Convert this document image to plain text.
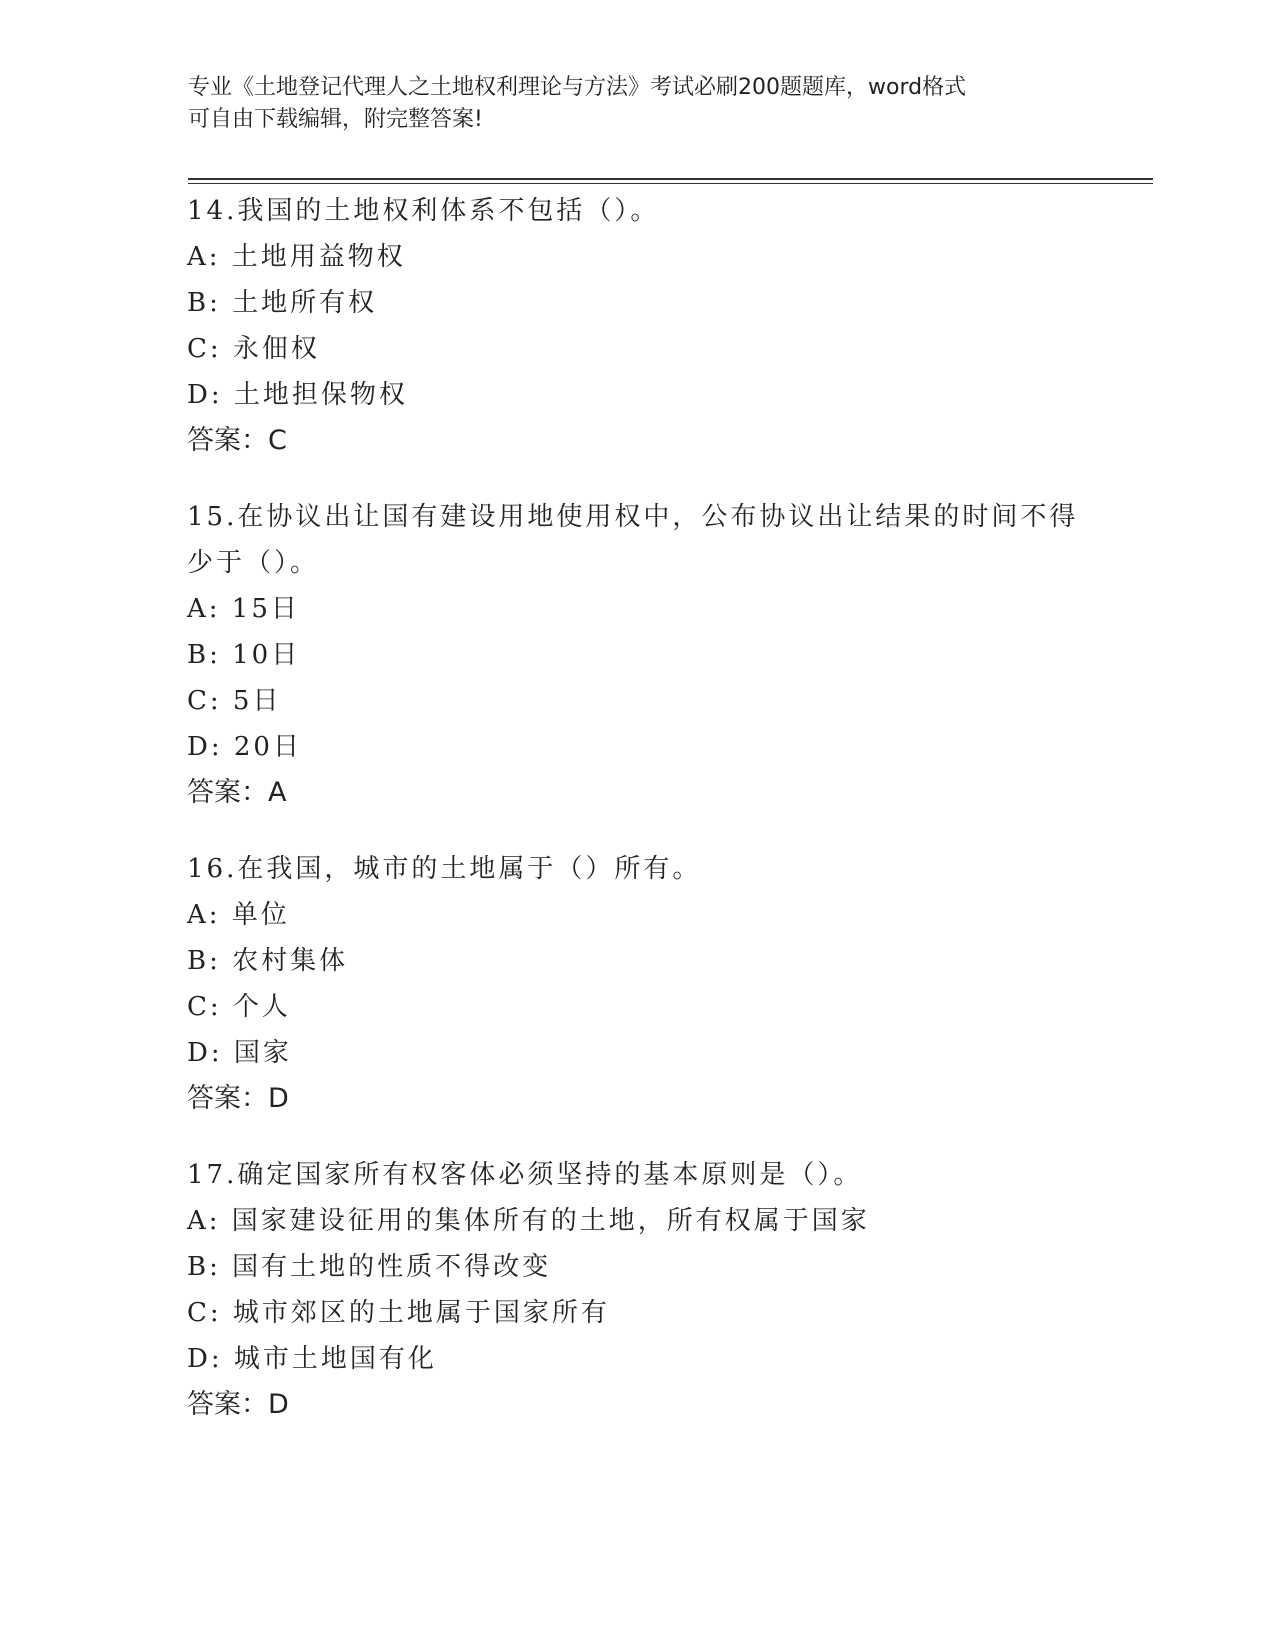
专业《土地登记代理人之土地权利理论与方法》考试必刷200题题库，word格式
可自由下载编辑，附完整答案!
14.我国的土地权利体系不包括（）。
A: 土地用益物权
B: 土地所有权
C: 永佃权
D: 土地担保物权
答案：C
15.在协议出让国有建设用地使用权中，公布协议出让结果的时间不得
少于（）。
A: 15日
B: 10日
C: 5日
D: 20日
答案：A
16.在我国，城市的土地属于（）所有。
A: 单位
B: 农村集体
C: 个人
D: 国家
答案：D
17.确定国家所有权客体必须坚持的基本原则是（）。
A: 国家建设征用的集体所有的土地，所有权属于国家
B: 国有土地的性质不得改变
C: 城市郊区的土地属于国家所有
D: 城市土地国有化
答案：D
